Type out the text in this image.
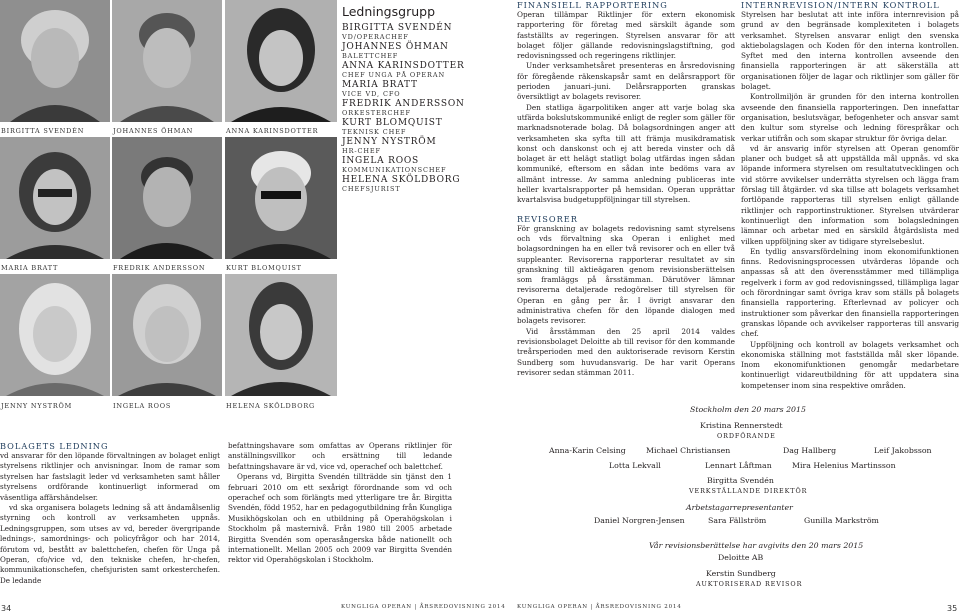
BIRGITTA SVENDÉN	JOHANNES ÖHMAN	ANNA KARINSDOTTER
MARIA BRATT	FREDRIK ANDERSSON	KURT BLOMQUIST
JENNY NYSTRÖM	INGELA ROOS	HELENA SKÖLDBORG
Ledningsgrupp
BIRGITTA SVENDÉN
VD/OPERACHEF
JOHANNES ÖHMAN
BALETTCHEF
ANNA KARINSDOTTER
CHEF UNGA PÅ OPERAN
MARIA BRATT
VICE VD, CFO
FREDRIK ANDERSSON
ORKESTERCHEF
KURT BLOMQUIST
TEKNISK CHEF
JENNY NYSTRÖM
HR-CHEF
INGELA ROOS
KOMMUNIKATIONSCHEF
HELENA SKÖLDBORG
CHEFSJURIST
BOLAGETS LEDNING

vd ansvarar för den löpande förvaltningen av bolaget enligt styrelsens riktlinjer och anvisningar. Inom de ramar som styrelsen har fastslagit leder vd verksamheten samt håller styrelsens ordförande kontinuerligt informerad om väsentliga affärshändelser.

vd ska organisera bolagets ledning så att ändamålsenlig styrning och kontroll av verksamheten uppnås. Ledningsgruppen, som utses av vd, bereder övergripande lednings-, samordnings- och policyfrågor och har 2014, förutom vd, bestått av balettchefen, chefen för Unga på Operan, cfo/vice vd, den tekniske chefen, hr-chefen, kommunikationschefen, chefsjuristen samt orkesterchefen. De ledande

befattningshavare som omfattas av Operans riktlinjer för anställningsvillkor och ersättning till ledande befattningshavare är vd, vice vd, operachef och balettchef.

Operans vd, Birgitta Svendén tillträdde sin tjänst den 1 februari 2010 om ett sexårigt förordnande som vd och operachef och som förlängts med ytterligare tre år. Birgitta Svendén, född 1952, har en pedagogutbildning från Kungliga Musikhögskolan och en utbildning på Operahögskolan i Stockholm på masternivå. Från 1980 till 2005 arbetade Birgitta Svendén som operasångerska både nationellt och internationellt. Mellan 2005 och 2009 var Birgitta Svendén rektor vid Operahögskolan i Stockholm.

FINANSIELL RAPPORTERING

Operan tillämpar Riktlinjer för extern ekonomisk rapportering för företag med särskilt ägande som fastställts av regeringen. Styrelsen ansvarar för att bolaget följer gällande redovisningslagstiftning, god redovisningssed och regeringens riktlinjer.

Under verksamhetsåret presenteras en årsredovisning för föregående räkenskapsår samt en delårsrapport för perioden januari–juni. Delårsrapporten granskas översiktligt av bolagets revisorer.

Den statliga ägarpolitiken anger att varje bolag ska utfärda bokslutskommuniké enligt de regler som gäller för marknadsnoterade bolag. Då bolagsordningen anger att verksamheten ska syfta till att främja musikdramatisk konst och danskonst och ej att bereda vinster och då bolaget är ett helägt statligt bolag utfärdas ingen sådan kommuniké, eftersom en sådan inte bedöms vara av allmänt intresse. Av samma anledning publiceras inte heller kvartalsrapporter på hemsidan. Operan upprättar kvartalsvisa budgetuppföljningar till styrelsen.

REVISORER

För granskning av bolagets redovisning samt styrelsens och vds förvaltning ska Operan i enlighet med bolagsordningen ha en eller två revisorer och en eller två suppleanter. Revisorerna rapporterar resultatet av sin granskning till aktieägaren genom revisionsberättelsen som framläggs på årsstämman. Därutöver lämnar revisorerna detaljerade redogörelser till styrelsen för Operan en gång per år. I övrigt ansvarar den administrativa chefen för den löpande dialogen med bolagets revisorer.

Vid årsstämman den 25 april 2014 valdes revisionsbolaget Deloitte ab till revisor för den kommande treårsperioden med den auktoriserade revisorn Kerstin Sundberg som huvudansvarig. De har varit Operans revisorer sedan stämman 2011.

INTERNREVISION/INTERN KONTROLL

Styrelsen har beslutat att inte införa internrevision på grund av den begränsade komplexiteten i bolagets verksamhet. Styrelsen ansvarar enligt den svenska aktiebolagslagen och Koden för den interna kontrollen. Syftet med den interna kontrollen avseende den finansiella rapporteringen är att säkerställa att organisationen följer de lagar och riktlinjer som gäller för bolaget.

Kontrollmiljön är grunden för den interna kontrollen avseende den finansiella rapporteringen. Den innefattar organisation, beslutsvägar, befogenheter och ansvar samt den kultur som styrelse och ledning förespråkar och verkar utifrån och som skapar struktur för övriga delar.

vd är ansvarig inför styrelsen att Operan genomför planer och budget så att uppställda mål uppnås. vd ska löpande informera styrelsen om resultatutvecklingen och vid större avvikelser underrätta styrelsen och lägga fram förslag till åtgärder. vd ska tillse att bolagets verksamhet fortlöpande rapporteras till styrelsen enligt gällande riktlinjer och rapportinstruktioner. Styrelsen utvärderar kontinuerligt den information som bolagsledningen lämnar och arbetar med en särskild åtgärdslista med vilken uppföljning sker av tidigare styrelsebeslut.

En tydlig ansvarsfördelning inom ekonomifunktionen finns. Redovisningsprocessen utvärderas löpande och anpassas så att den överensstämmer med tillämpliga regelverk i form av god redovisningssed, tillämpliga lagar och förordningar samt övriga krav som ställs på bolagets finansiella rapportering. Efterlevnad av policyer och instruktioner som påverkar den finansiella rapporteringen granskas löpande och avvikelser rapporteras till ansvarig chef.

Uppföljning och kontroll av bolagets verksamhet och ekonomiska ställning mot fastställda mål sker löpande. Inom ekonomifunktionen genomgår medarbetare kontinuerligt vidareutbildning för att uppdatera sina kompetenser inom sina respektive områden.

Stockholm den 20 mars 2015
Kristina Rennerstedt
ORDFÖRANDE
Anna-Karin Celsing	Michael Christiansen	Dag Hallberg	Leif Jakobsson
Lotta Lekvall	Lennart Låftman	Mira Helenius Martinsson
Birgitta Svendén
VERKSTÄLLANDE DIREKTÖR
Arbetstagarrepresentanter
Daniel Norgren-Jensen	Sara Fällström	Gunilla Markström
Vår revisionsberättelse har avgivits den 20 mars 2015
Deloitte AB
Kerstin Sundberg
AUKTORISERAD REVISOR
34	KUNGLIGA OPERAN | ÅRSREDOVISNING 2014 KUNGLIGA OPERAN | ÅRSREDOVISNING 2014	35
